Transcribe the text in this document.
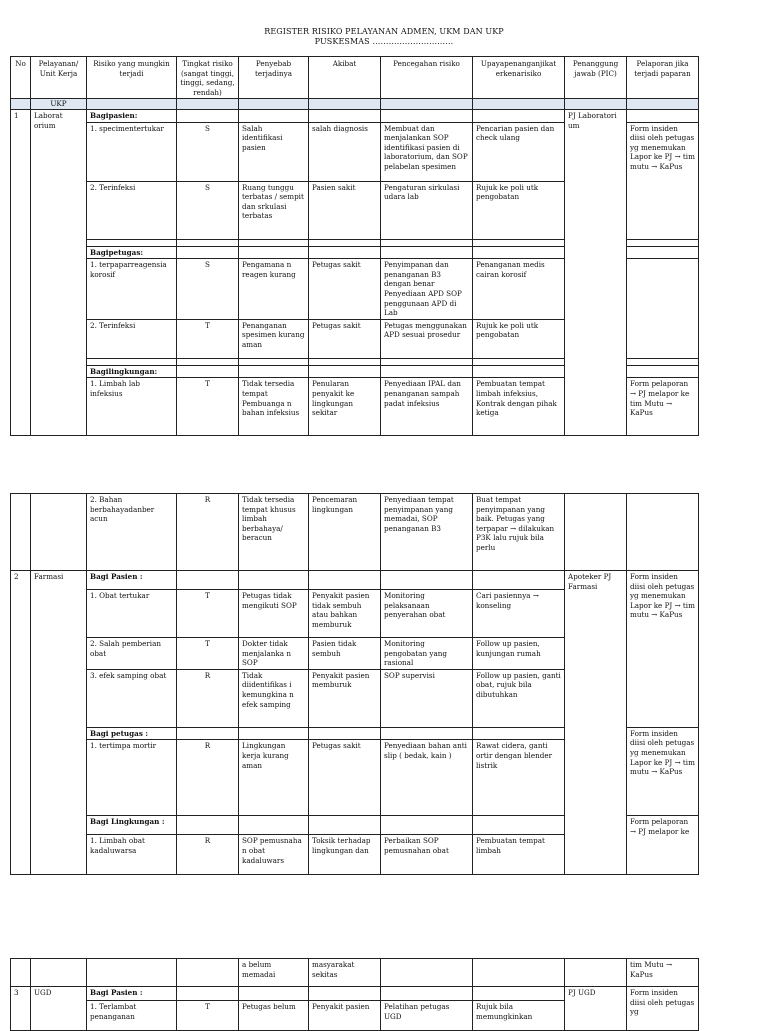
REGISTER RISIKO PELAYANAN ADMEN, UKM DAN UKP
PUSKESMAS …………………………
No	Pelayanan/ Unit Kerja	Risiko yang mungkin terjadi	Tingkat risiko (sangat tinggi, tinggi, sedang, rendah)	Penyebab terjadinya	Akibat	Pencegahan risiko	Upayapenanganjikat erkenarisiko	Penanggung jawab (PIC)	Pelaporan jika terjadi paparan
	UKP								
1	Laborat orium	Bagipasien:						PJ Laboratori um	
		1. specimentertukar	S	Salah identifikasi pasien	salah diagnosis	Membuat dan menjalankan SOP identifikasi pasien di laboratorium, dan SOP pelabelan spesimen	Pencarian pasien dan check ulang		Form insiden diisi oleh petugas yg menemukan Lapor ke PJ → tim mutu → KaPus
		2. Terinfeksi	S	Ruang tunggu terbatas / sempit dan srkulasi terbatas	Pasien sakit	Pengaturan sirkulasi udara lab	Rujuk ke poli utk pengobatan		

		Bagipetugas:							
		1. terpaparreagensia korosif	S	Pengamana n reagen kurang	Petugas sakit	Penyimpanan dan penanganan B3 dengan benar Penyediaan APD SOP penggunaan APD di Lab	Penanganan medis cairan korosif		
		2. Terinfeksi	T	Penanganan spesimen kurang aman	Petugas sakit	Petugas menggunakan APD sesuai prosedur	Rujuk ke poli utk pengobatan		

		Bagilingkungan:							
		1. Limbah lab infeksius	T	Tidak tersedia tempat Pembuanga n bahan infeksius	Penularan penyakit ke lingkungan sekitar	Penyediaan IPAL dan penanganan sampah padat infeksius	Pembuatan tempat limbah infeksius, Kontrak dengan pihak ketiga		Form pelaporan → PJ melapor ke tim Mutu → KaPus
		2. Bahan berbahayadanber acun	R	Tidak tersedia tempat khusus limbah berbahaya/ beracun	Pencemaran lingkungan	Penyediaan tempat penyimpanan yang memadai, SOP penanganan B3	Buat tempat penyimpanan yang baik. Petugas yang terpapar → dilakukan P3K lalu rujuk bila perlu		
2	Farmasi	Bagi Pasien :						Apoteker PJ Farmasi	Form insiden diisi oleh petugas yg menemukan Lapor ke PJ → tim mutu → KaPus
		1. Obat tertukar	T	Petugas tidak mengikuti SOP	Penyakit pasien tidak sembuh atau bahkan memburuk	Monitoring pelaksanaan penyerahan obat	Cari pasiennya → konseling		
		2. Salah pemberian obat	T	Dokter tidak menjalanka n SOP	Pasien tidak sembuh	Monitoring pengobatan yang rasional	Follow up pasien, kunjungan rumah		
		3. efek samping obat	R	Tidak diidentifikas i kemungkina n efek samping	Penyakit pasien memburuk	SOP supervisi	Follow up pasien, ganti obat, rujuk bila dibutuhkan		
		Bagi petugas :							Form insiden diisi oleh petugas yg menemukan Lapor ke PJ → tim mutu → KaPus
		1. tertimpa mortir	R	Lingkungan kerja kurang aman	Petugas sakit	Penyediaan bahan anti slip ( bedak, kain )	Rawat cidera, ganti ortir dengan blender listrik		
		Bagi Lingkungan :							Form pelaporan → PJ melapor ke
		1. Limbah obat kadaluwarsa	R	SOP pemusnaha n obat kadaluwars	Toksik terhadap lingkungan dan	Perbaikan SOP pemusnahan obat	Pembuatan tempat limbah		
				a belum memadai	masyarakat sekitas				tim Mutu → KaPus
3	UGD	Bagi Pasien :						PJ UGD	Form insiden diisi oleh petugas yg
		1. Terlambat penanganan	T	Petugas belum	Penyakit pasien	Pelatihan petugas UGD	Rujuk bila memungkinkan		
